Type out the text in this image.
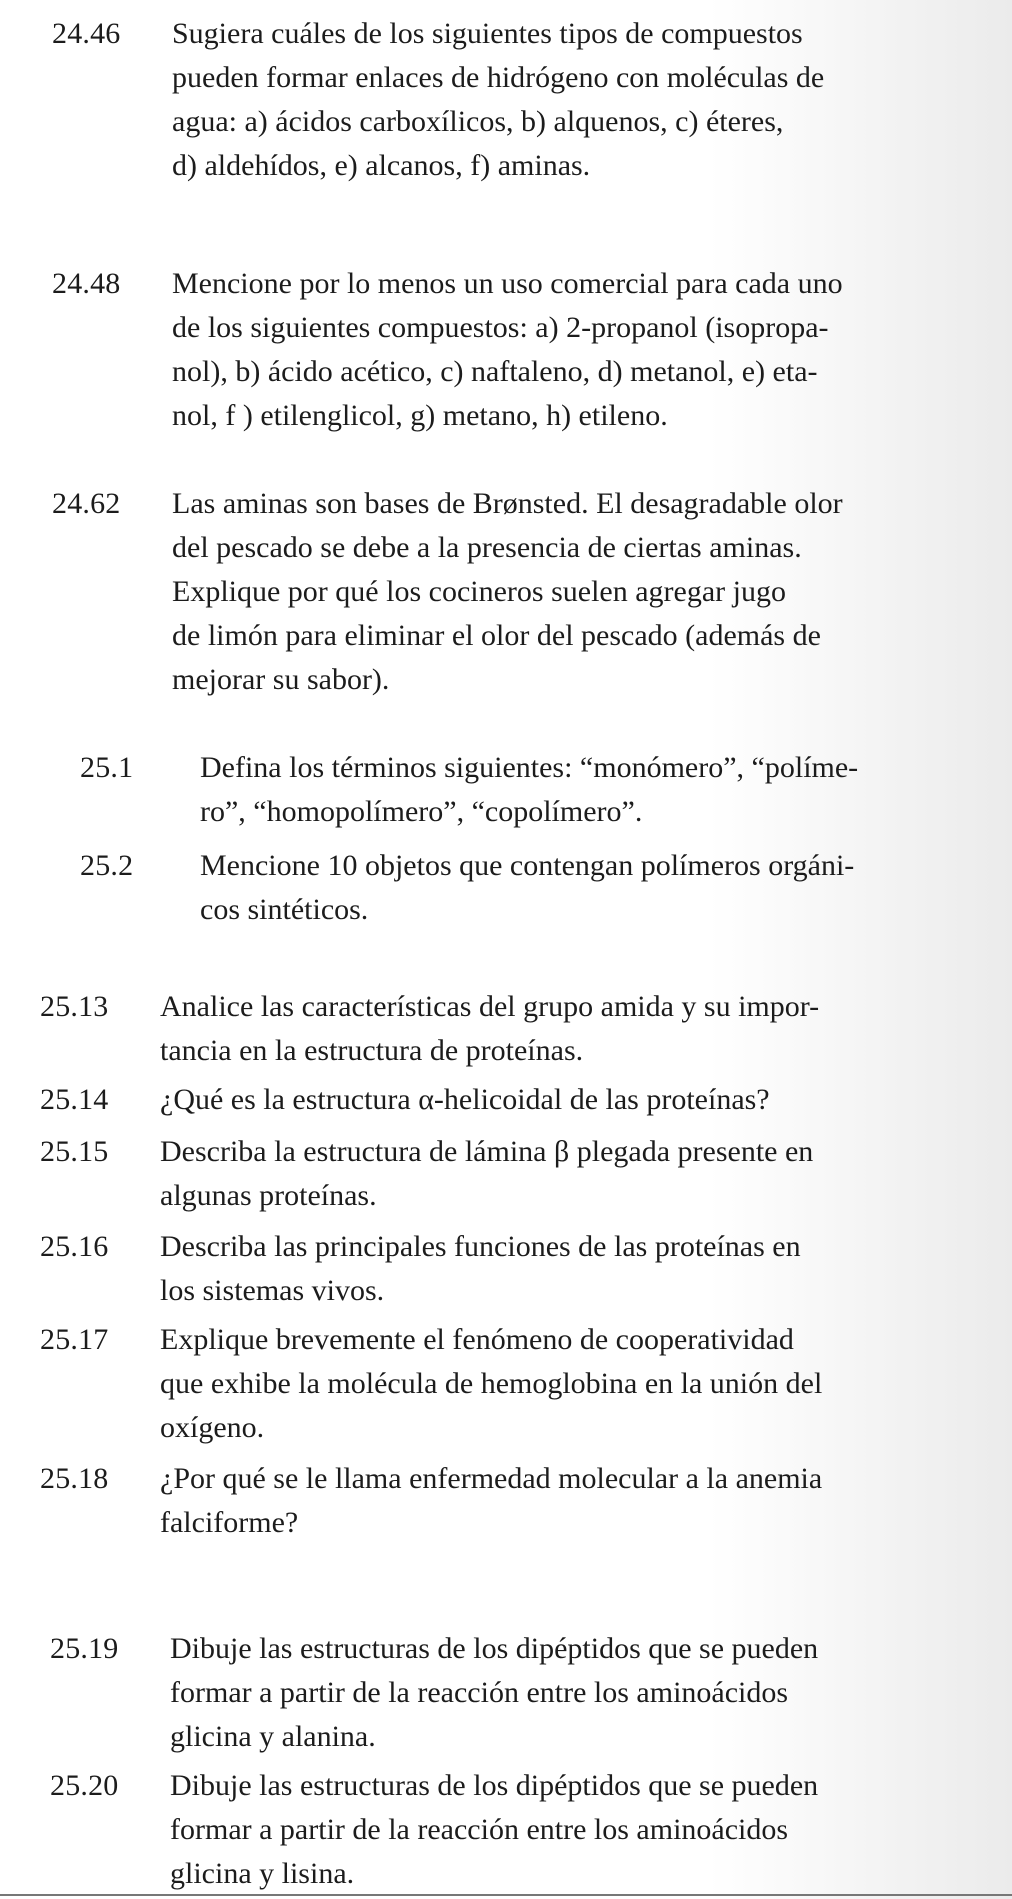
24.46 Sugiera cuáles de los siguientes tipos de compuestos
pueden formar enlaces de hidrógeno con moléculas de
agua: a) ácidos carboxílicos, b) alquenos, c) éteres,
d) aldehídos, e) alcanos, f) aminas.
24.48 Mencione por lo menos un uso comercial para cada uno
de los siguientes compuestos: a) 2-propanol (isopropa-
nol), b) ácido acético, c) naftaleno, d) metanol, e) eta-
nol, f ) etilenglicol, g) metano, h) etileno.
24.62 Las aminas son bases de Brønsted. El desagradable olor
del pescado se debe a la presencia de ciertas aminas.
Explique por qué los cocineros suelen agregar jugo
de limón para eliminar el olor del pescado (además de
mejorar su sabor).
25.1 Defina los términos siguientes: “monómero”, “políme-
ro”, “homopolímero”, “copolímero”.
25.2 Mencione 10 objetos que contengan polímeros orgáni-
cos sintéticos.
25.13 Analice las características del grupo amida y su impor-
tancia en la estructura de proteínas.
25.14 ¿Qué es la estructura α-helicoidal de las proteínas?
25.15 Describa la estructura de lámina β plegada presente en
algunas proteínas.
25.16 Describa las principales funciones de las proteínas en
los sistemas vivos.
25.17 Explique brevemente el fenómeno de cooperatividad
que exhibe la molécula de hemoglobina en la unión del
oxígeno.
25.18 ¿Por qué se le llama enfermedad molecular a la anemia
falciforme?
25.19 Dibuje las estructuras de los dipéptidos que se pueden
formar a partir de la reacción entre los aminoácidos
glicina y alanina.
25.20 Dibuje las estructuras de los dipéptidos que se pueden
formar a partir de la reacción entre los aminoácidos
glicina y lisina.
